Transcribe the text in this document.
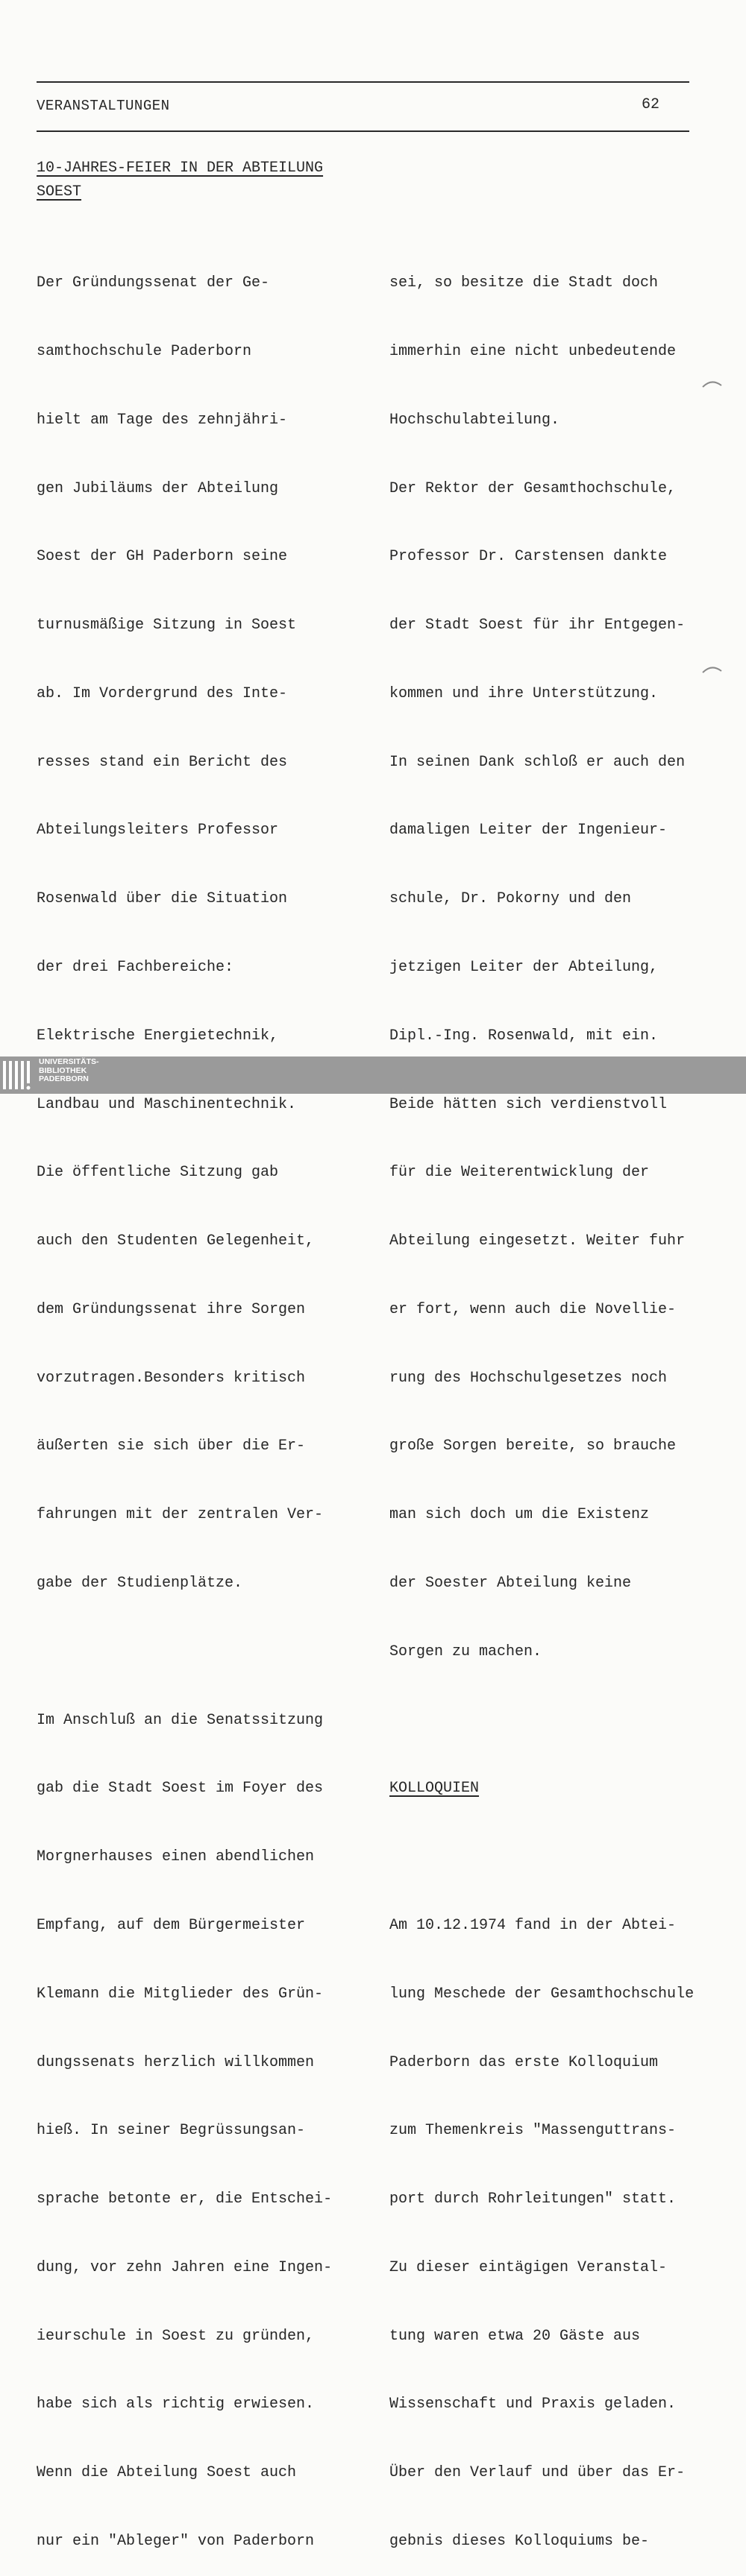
VERANSTALTUNGEN	62
10-JAHRES-FEIER IN DER ABTEILUNG
SOEST

Der Gründungssenat der Ge-

samthochschule Paderborn

hielt am Tage des zehnjähri-

gen Jubiläums der Abteilung

Soest der GH Paderborn seine

turnusmäßige Sitzung in Soest

ab. Im Vordergrund des Inte-

resses stand ein Bericht des

Abteilungsleiters Professor

Rosenwald über die Situation

der drei Fachbereiche:

Elektrische Energietechnik,

Landbau und Maschinentechnik.

Die öffentliche Sitzung gab

auch den Studenten Gelegenheit,

dem Gründungssenat ihre Sorgen

vorzutragen.Besonders kritisch

äußerten sie sich über die Er-

fahrungen mit der zentralen Ver-

gabe der Studienplätze.

Im Anschluß an die Senatssitzung

gab die Stadt Soest im Foyer des

Morgnerhauses einen abendlichen

Empfang, auf dem Bürgermeister

Klemann die Mitglieder des Grün-

dungssenats herzlich willkommen

hieß. In seiner Begrüssungsan-

sprache betonte er, die Entschei-

dung, vor zehn Jahren eine Ingen-

ieurschule in Soest zu gründen,

habe sich als richtig erwiesen.

Wenn die Abteilung Soest auch

nur ein "Ableger" von Paderborn

sei, so besitze die Stadt doch

immerhin eine nicht unbedeutende

Hochschulabteilung.

Der Rektor der Gesamthochschule,

Professor Dr. Carstensen dankte

der Stadt Soest für ihr Entgegen-

kommen und ihre Unterstützung.

In seinen Dank schloß er auch den

damaligen Leiter der Ingenieur-

schule, Dr. Pokorny und den

jetzigen Leiter der Abteilung,

Dipl.-Ing. Rosenwald, mit ein.

Beide hätten sich verdienstvoll

für die Weiterentwicklung der

Abteilung eingesetzt. Weiter fuhr

er fort, wenn auch die Novellie-

rung des Hochschulgesetzes noch

große Sorgen bereite, so brauche

man sich doch um die Existenz

der Soester Abteilung keine

Sorgen zu machen.

KOLLOQUIEN

Am 10.12.1974 fand in der Abtei-

lung Meschede der Gesamthochschule

Paderborn das erste Kolloquium

zum Themenkreis "Massenguttrans-

port durch Rohrleitungen" statt.

Zu dieser eintägigen Veranstal-

tung waren etwa 20 Gäste aus

Wissenschaft und Praxis geladen.

Über den Verlauf und über das Er-

gebnis dieses Kolloquiums be-

UNIVERSITÄTS-
BIBLIOTHEK
PADERBORN
